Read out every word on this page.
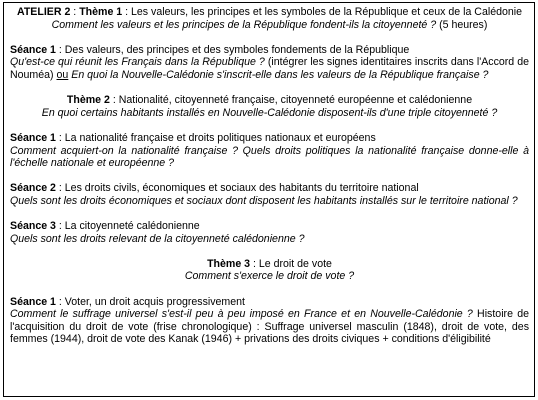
ATELIER 2 : Thème 1 : Les valeurs, les principes et les symboles de la République et ceux de la Calédonie
Comment les valeurs et les principes de la République fondent-ils la citoyenneté ? (5 heures)

Séance 1 : Des valeurs, des principes et des symboles fondements de la République

Qu'est-ce qui réunit les Français dans la République ? (intégrer les signes identitaires inscrits dans l'Accord de Nouméa) ou En quoi la Nouvelle-Calédonie s'inscrit-elle dans les valeurs de la République française ?

Thème 2 : Nationalité, citoyenneté française, citoyenneté européenne et calédonienne
En quoi certains habitants installés en Nouvelle-Calédonie disposent-ils d'une triple citoyenneté ?

Séance 1 : La nationalité française et droits politiques nationaux et européens

Comment acquiert-on la nationalité française ? Quels droits politiques la nationalité française donne-elle à l'échelle nationale et européenne ?

Séance 2 : Les droits civils, économiques et sociaux des habitants du territoire national

Quels sont les droits économiques et sociaux dont disposent les habitants installés sur le territoire national ?

Séance 3 : La citoyenneté calédonienne

Quels sont les droits relevant de la citoyenneté calédonienne ?

Thème 3 : Le droit de vote
Comment s'exerce le droit de vote ?

Séance 1 : Voter, un droit acquis progressivement

Comment le suffrage universel s'est-il peu à peu imposé en France et en Nouvelle-Calédonie ? Histoire de l'acquisition du droit de vote (frise chronologique) : Suffrage universel masculin (1848), droit de vote, des femmes (1944), droit de vote des Kanak (1946) + privations des droits civiques + conditions d'éligibilité
